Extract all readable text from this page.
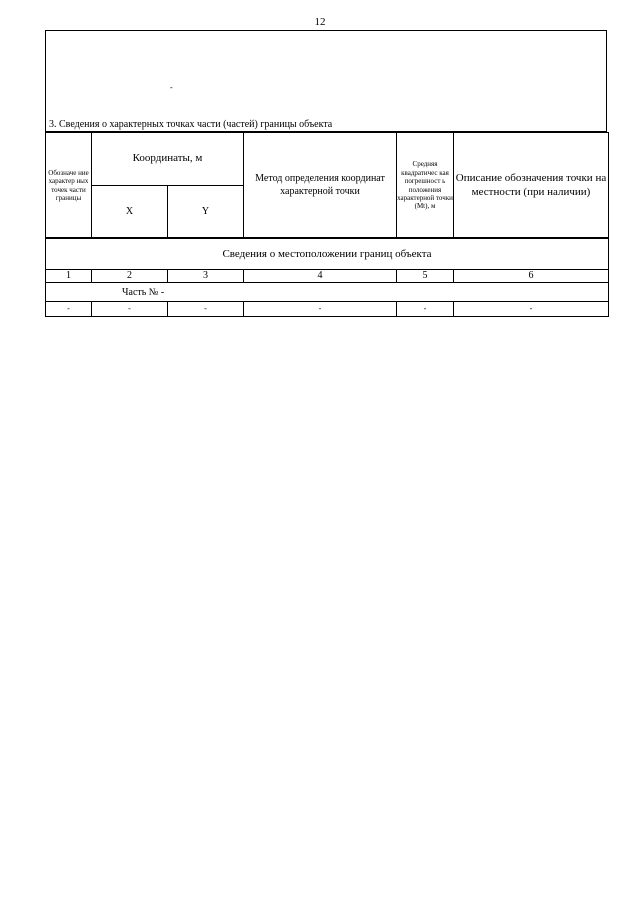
12
-
3. Сведения о характерных точках части (частей) границы объекта
Обозначе ние характер ных точек части границы	Координаты, м		Метод определения координат характерной точки	Средняя квадратичес кая погрешност ь положения характерной точки (Mt), м	Описание обозначения точки на местности (при наличии)
	X	Y			
Сведения о местоположении границ объекта					
1	2	3	4	5	6
Часть № -					
-	-	-	-	-	-
